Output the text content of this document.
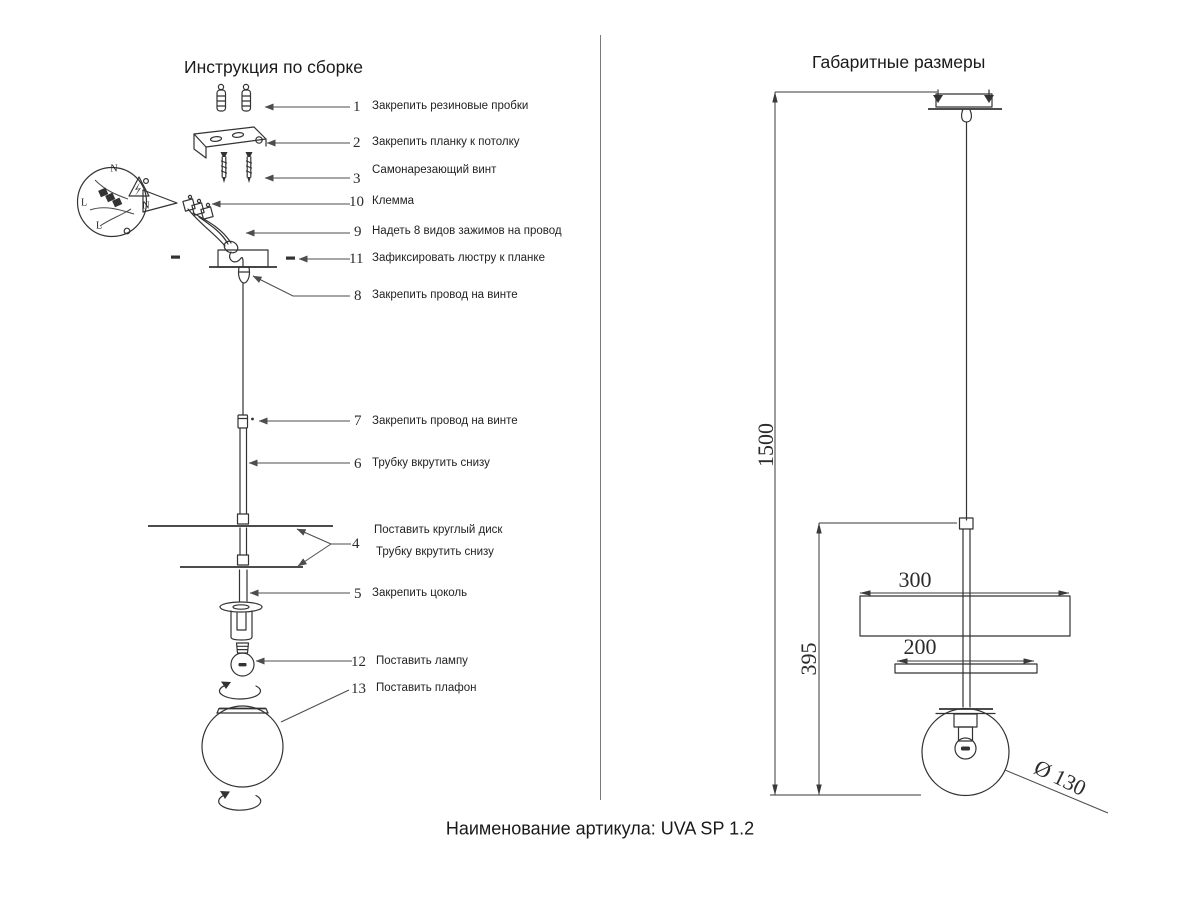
Инструкция по сборке	Габаритные размеры
1 Закрепить резиновые пробки
2 Закрепить планку к потолку
3
Самонарезающий винт
10 Клемма
9 Надеть 8 видов зажимов на провод
11 Зафиксировать люстру к планке
8 Закрепить провод на винте
7 Закрепить провод на винте
6 Трубку вкрутить снизу
4
Поставить круглый диск
Трубку вкрутить снизу
5 Закрепить цоколь
12 Поставить лампу
13 Поставить плафон
N
L	N
L
1500
395
300
200
Ø 130
Наименование артикула: UVA SP 1.2
